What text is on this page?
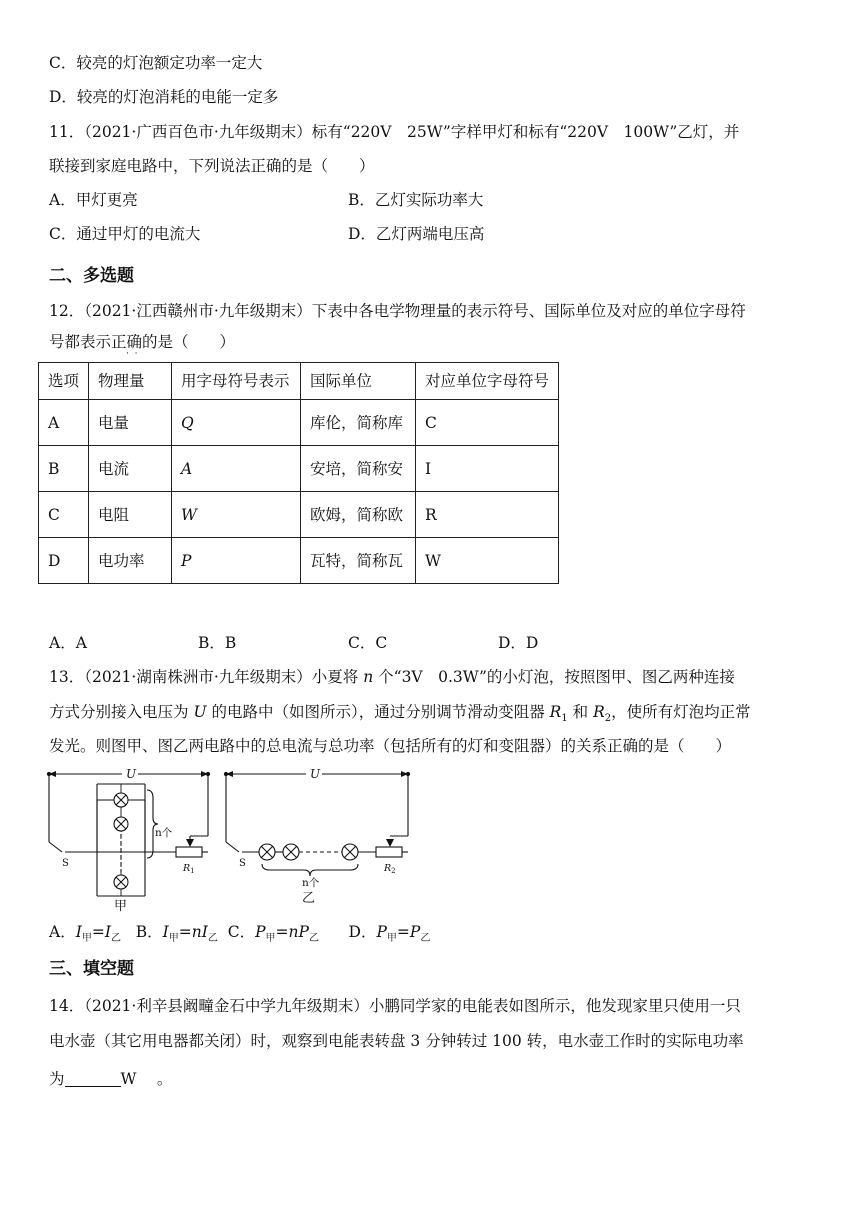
C．较亮的灯泡额定功率一定大
D．较亮的灯泡消耗的电能一定多
11．（2021·广西百色市·九年级期末）标有“220V　25W”字样甲灯和标有“220V　100W”乙灯，并
联接到家庭电路中，下列说法正确的是（　　）
A．甲灯更亮	B．乙灯实际功率大
C．通过甲灯的电流大	D．乙灯两端电压高
二、多选题
12．（2021·江西赣州市·九年级期末）下表中各电学物理量的表示符号、国际单位及对应的单位字母符
号都表示正确的是（　　）
·  ·
选项	物理量	用字母符号表示	国际单位	对应单位字母符号
A	电量	Q	库伦，简称库	C
B	电流	A	安培，简称安	I
C	电阻	W	欧姆，简称欧	R
D	电功率	P	瓦特，简称瓦	W
A．A	B．B	C．C	D．D
13．（2021·湖南株洲市·九年级期末）小夏将 n 个“3V　0.3W”的小灯泡，按照图甲、图乙两种连接
方式分别接入电压为 U 的电路中（如图所示），通过分别调节滑动变阻器 $R_1$ 和 $R_2$，使所有灯泡均正常
发光。则图甲、图乙两电路中的总电流与总功率（包括所有的灯和变阻器）的关系正确的是（　　）
U
S
n个
$R_1$
甲
U
S
n个
$R_2$
乙
A．$I_甲=I_乙$ B．$I_甲=nI_乙$ C．$P_甲=nP_乙$ D．$P_甲=P_乙$
三、填空题
14．（2021·利辛县阚疃金石中学九年级期末）小鹏同学家的电能表如图所示，他发现家里只使用一只
电水壶（其它用电器都关闭）时，观察到电能表转盘 3 分钟转过 100 转，电水壶工作时的实际电功率
为	W　 。
